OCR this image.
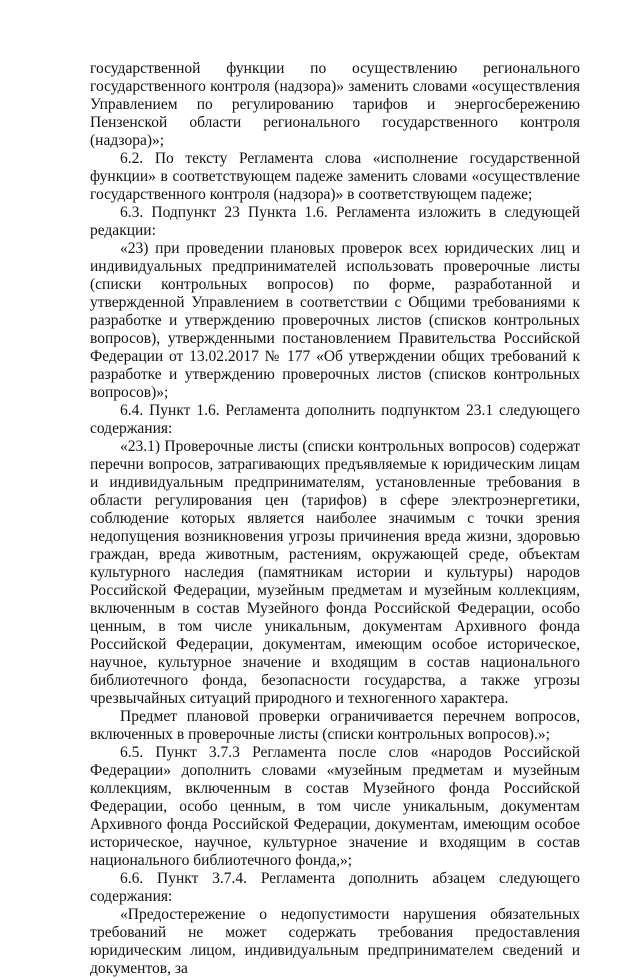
государственной функции по осуществлению регионального государственного контроля (надзора)» заменить словами «осуществления Управлением по регулированию тарифов и энергосбережению Пензенской области регионального государственного контроля (надзора)»;

6.2. По тексту Регламента слова «исполнение государственной функции» в соответствующем падеже заменить словами «осуществление государственного контроля (надзора)» в соответствующем падеже;

6.3. Подпункт 23 Пункта 1.6. Регламента изложить в следующей редакции:

«23) при проведении плановых проверок всех юридических лиц и индивидуальных предпринимателей использовать проверочные листы (списки контрольных вопросов) по форме, разработанной и утвержденной Управлением в соответствии с Общими требованиями к разработке и утверждению проверочных листов (списков контрольных вопросов), утвержденными постановлением Правительства Российской Федерации от 13.02.2017 № 177 «Об утверждении общих требований к разработке и утверждению проверочных листов (списков контрольных вопросов)»;

6.4. Пункт 1.6. Регламента дополнить подпунктом 23.1 следующего содержания:

«23.1) Проверочные листы (списки контрольных вопросов) содержат перечни вопросов, затрагивающих предъявляемые к юридическим лицам и индивидуальным предпринимателям, установленные требования в области регулирования цен (тарифов) в сфере электроэнергетики, соблюдение которых является наиболее значимым с точки зрения недопущения возникновения угрозы причинения вреда жизни, здоровью граждан, вреда животным, растениям, окружающей среде, объектам культурного наследия (памятникам истории и культуры) народов Российской Федерации, музейным предметам и музейным коллекциям, включенным в состав Музейного фонда Российской Федерации, особо ценным, в том числе уникальным, документам Архивного фонда Российской Федерации, документам, имеющим особое историческое, научное, культурное значение и входящим в состав национального библиотечного фонда, безопасности государства, а также угрозы чрезвычайных ситуаций природного и техногенного характера.

Предмет плановой проверки ограничивается перечнем вопросов, включенных в проверочные листы (списки контрольных вопросов).»;

6.5. Пункт 3.7.3 Регламента после слов «народов Российской Федерации» дополнить словами «музейным предметам и музейным коллекциям, включенным в состав Музейного фонда Российской Федерации, особо ценным, в том числе уникальным, документам Архивного фонда Российской Федерации, документам, имеющим особое историческое, научное, культурное значение и входящим в состав национального библиотечного фонда,»;

6.6. Пункт 3.7.4. Регламента дополнить абзацем следующего содержания:

«Предостережение о недопустимости нарушения обязательных требований не может содержать требования предоставления юридическим лицом, индивидуальным предпринимателем сведений и документов, за
